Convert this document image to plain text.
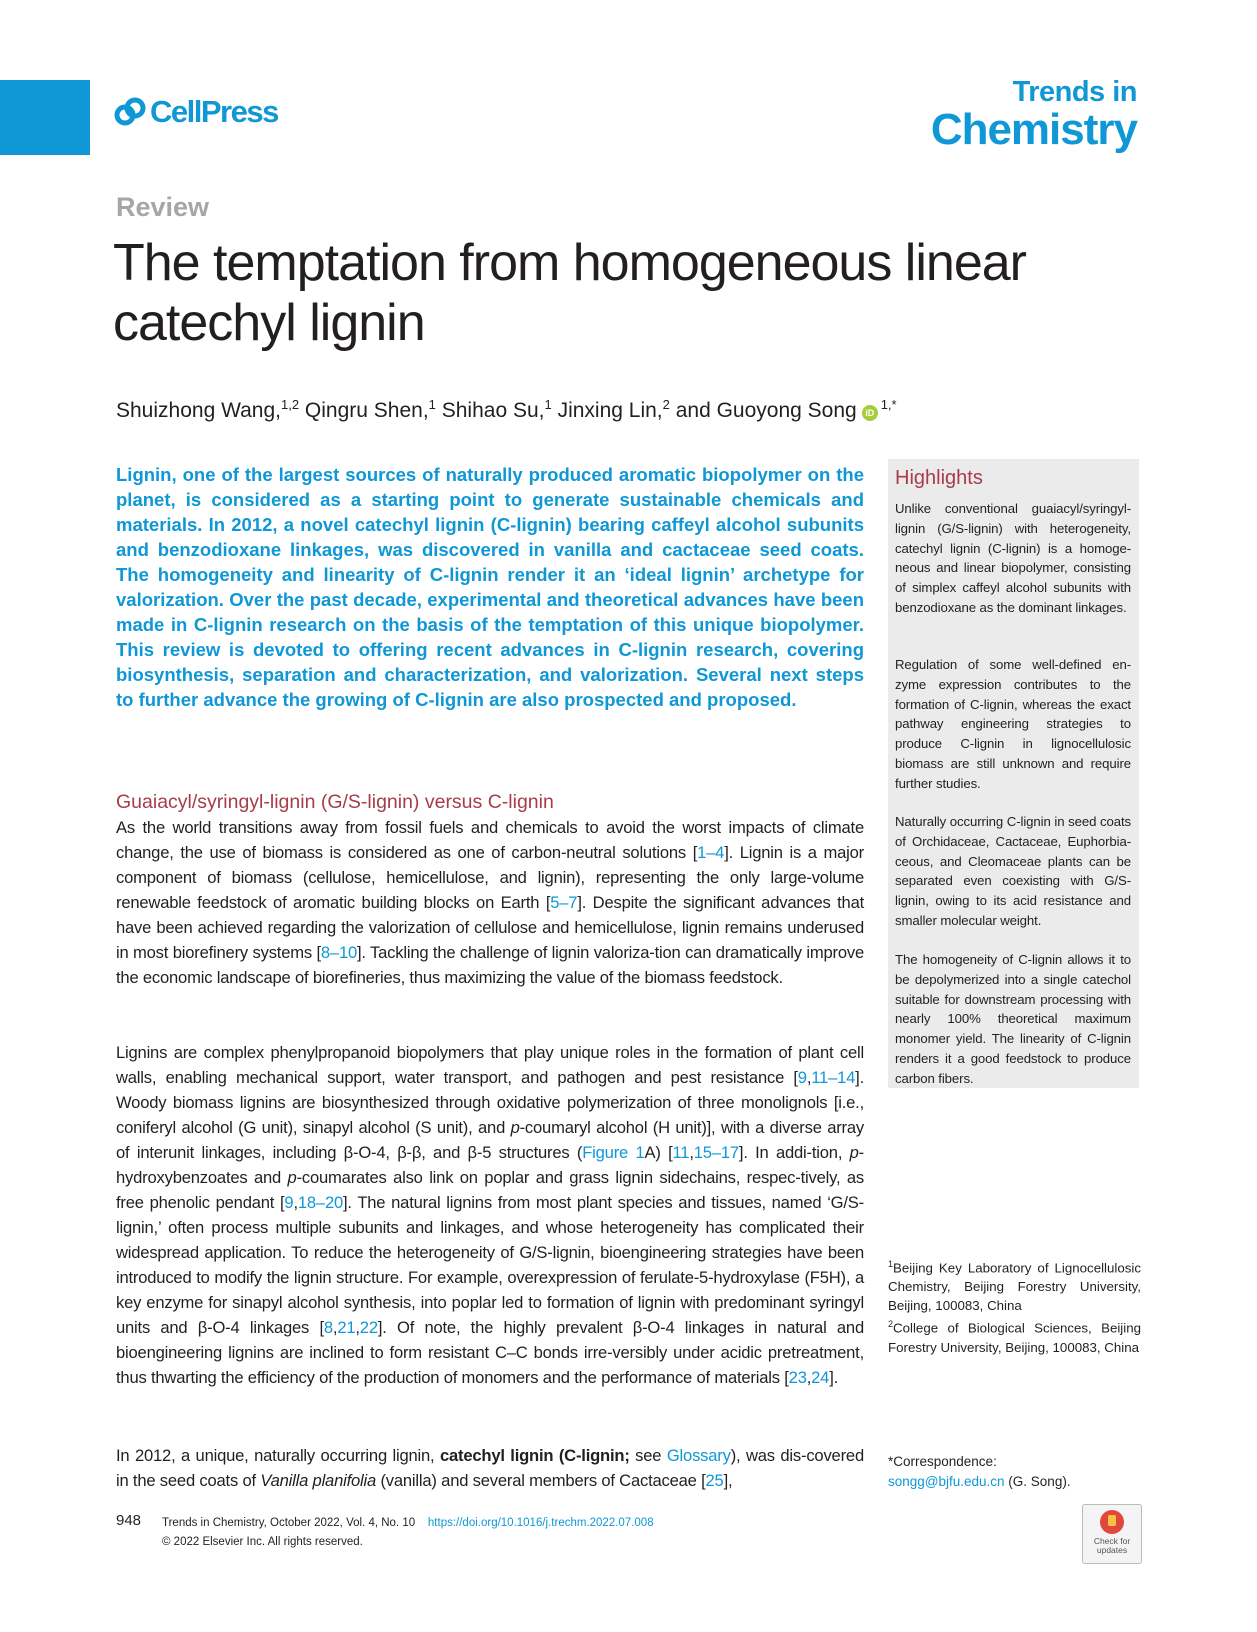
CellPress
Trends in
Chemistry
Review
The temptation from homogeneous linear catechyl lignin
Shuizhong Wang,$^{1,2}$ Qingru Shen,$^1$ Shihao Su,$^1$ Jinxing Lin,$^2$ and Guoyong Song $iD^{1,*}$

Lignin, one of the largest sources of naturally produced aromatic biopolymer on the planet, is considered as a starting point to generate sustainable chemicals and materials. In 2012, a novel catechyl lignin (C-lignin) bearing caffeyl alcohol subunits and benzodioxane linkages, was discovered in vanilla and cactaceae seed coats. The homogeneity and linearity of C-lignin render it an ‘ideal lignin’ archetype for valorization. Over the past decade, experimental and theoretical advances have been made in C-lignin research on the basis of the temptation of this unique biopolymer. This review is devoted to offering recent advances in C-lignin research, covering biosynthesis, separation and characterization, and valorization. Several next steps to further advance the growing of C-lignin are also prospected and proposed.

Guaiacyl/syringyl-lignin (G/S-lignin) versus C-lignin

As the world transitions away from fossil fuels and chemicals to avoid the worst impacts of climate change, the use of biomass is considered as one of carbon-neutral solutions [1–4]. Lignin is a major component of biomass (cellulose, hemicellulose, and lignin), representing the only large-volume renewable feedstock of aromatic building blocks on Earth [5–7]. Despite the significant advances that have been achieved regarding the valorization of cellulose and hemicellulose, lignin remains underused in most biorefinery systems [8–10]. Tackling the challenge of lignin valoriza-tion can dramatically improve the economic landscape of biorefineries, thus maximizing the value of the biomass feedstock.

Lignins are complex phenylpropanoid biopolymers that play unique roles in the formation of plant cell walls, enabling mechanical support, water transport, and pathogen and pest resistance [9,11–14]. Woody biomass lignins are biosynthesized through oxidative polymerization of three monolignols [i.e., coniferyl alcohol (G unit), sinapyl alcohol (S unit), and p-coumaryl alcohol (H unit)], with a diverse array of interunit linkages, including β-O-4, β-β, and β-5 structures (Figure 1A) [11,15–17]. In addi-tion, p-hydroxybenzoates and p-coumarates also link on poplar and grass lignin sidechains, respec-tively, as free phenolic pendant [9,18–20]. The natural lignins from most plant species and tissues, named ‘G/S-lignin,’ often process multiple subunits and linkages, and whose heterogeneity has complicated their widespread application. To reduce the heterogeneity of G/S-lignin, bioengineering strategies have been introduced to modify the lignin structure. For example, overexpression of ferulate-5-hydroxylase (F5H), a key enzyme for sinapyl alcohol synthesis, into poplar led to formation of lignin with predominant syringyl units and β-O-4 linkages [8,21,22]. Of note, the highly prevalent β-O-4 linkages in natural and bioengineering lignins are inclined to form resistant C–C bonds irre-versibly under acidic pretreatment, thus thwarting the efficiency of the production of monomers and the performance of materials [23,24].

In 2012, a unique, naturally occurring lignin, catechyl lignin (C-lignin; see Glossary), was dis-covered in the seed coats of Vanilla planifolia (vanilla) and several members of Cactaceae [25],

Highlights

Unlike conventional guaiacyl/syringyl-lignin (G/S-lignin) with heterogeneity, catechyl lignin (C-lignin) is a homoge-neous and linear biopolymer, consisting of simplex caffeyl alcohol subunits with benzodioxane as the dominant linkages.

Regulation of some well-defined en-zyme expression contributes to the formation of C-lignin, whereas the exact pathway engineering strategies to produce C-lignin in lignocellulosic biomass are still unknown and require further studies.

Naturally occurring C-lignin in seed coats of Orchidaceae, Cactaceae, Euphorbia-ceous, and Cleomaceae plants can be separated even coexisting with G/S-lignin, owing to its acid resistance and smaller molecular weight.

The homogeneity of C-lignin allows it to be depolymerized into a single catechol suitable for downstream processing with nearly 100% theoretical maximum monomer yield. The linearity of C-lignin renders it a good feedstock to produce carbon fibers.

$^1$Beijing Key Laboratory of Lignocellulosic Chemistry, Beijing Forestry University, Beijing, 100083, China
$^2$College of Biological Sciences, Beijing Forestry University, Beijing, 100083, China

*Correspondence:
songg@bjfu.edu.cn (G. Song).
948 Trends in Chemistry, October 2022, Vol. 4, No. 10 https://doi.org/10.1016/j.trechm.2022.07.008
© 2022 Elsevier Inc. All rights reserved.	Check for
updates
